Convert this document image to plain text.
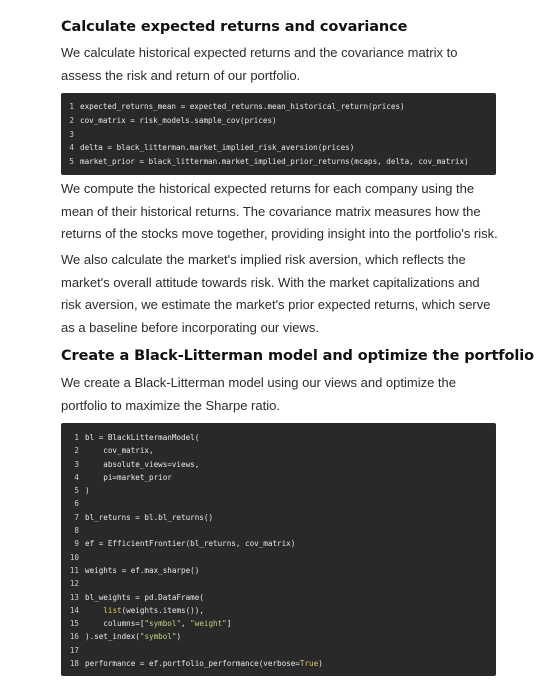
Calculate expected returns and covariance

We calculate historical expected returns and the covariance matrix to assess the risk and return of our portfolio.

1 expected_returns_mean = expected_returns.mean_historical_return(prices)
2 cov_matrix = risk_models.sample_cov(prices)
3
4 delta = black_litterman.market_implied_risk_aversion(prices)
5 market_prior = black_litterman.market_implied_prior_returns(mcaps, delta, cov_matrix)

We compute the historical expected returns for each company using the mean of their historical returns. The covariance matrix measures how the returns of the stocks move together, providing insight into the portfolio's risk.

We also calculate the market's implied risk aversion, which reflects the market's overall attitude towards risk. With the market capitalizations and risk aversion, we estimate the market's prior expected returns, which serve as a baseline before incorporating our views.

Create a Black-Litterman model and optimize the portfolio

We create a Black-Litterman model using our views and optimize the portfolio to maximize the Sharpe ratio.

1 bl = BlackLittermanModel(
2 cov_matrix,
3 absolute_views=views,
4 pi=market_prior
5 )
6
7 bl_returns = bl.bl_returns()
8
9 ef = EfficientFrontier(bl_returns, cov_matrix)
10
11 weights = ef.max_sharpe()
12
13 bl_weights = pd.DataFrame(
14	list(weights.items()),
15 columns=["symbol", "weight"]
16 ).set_index("symbol")
17
18 performance = ef.portfolio_performance(verbose=True)
